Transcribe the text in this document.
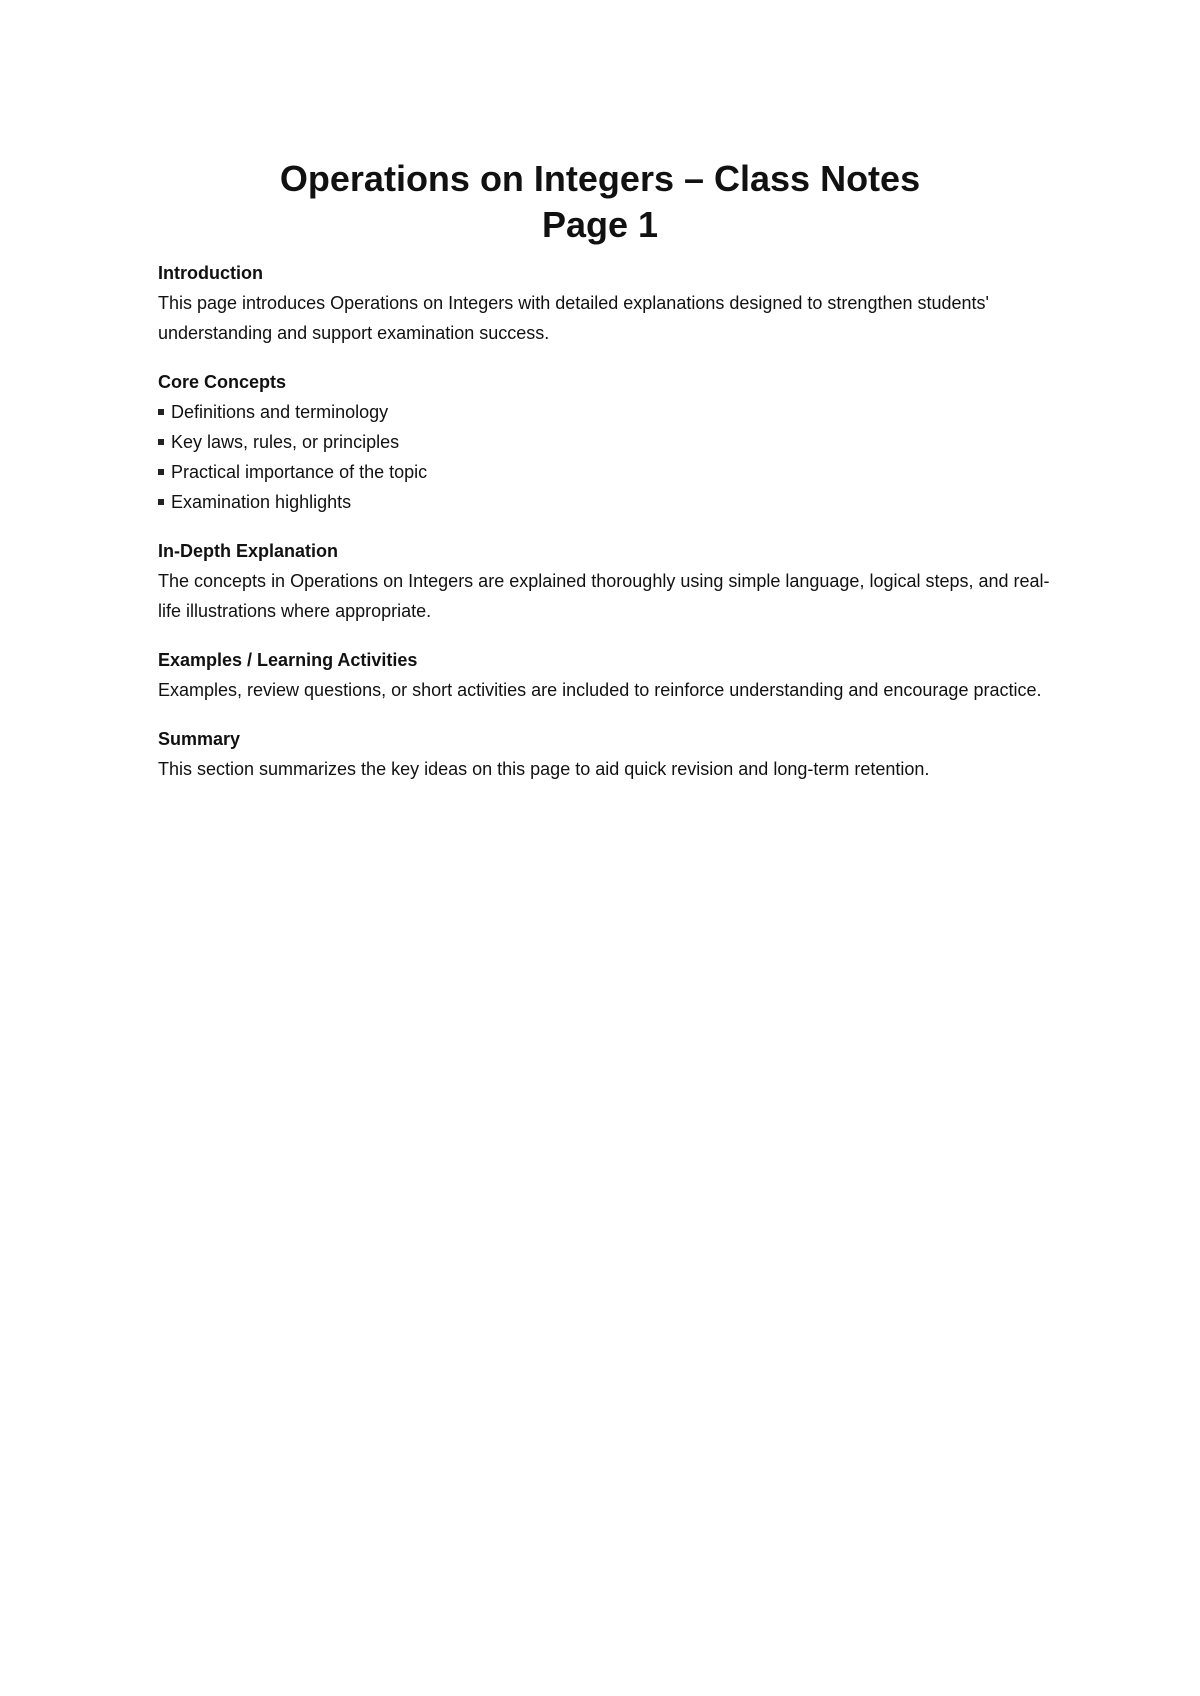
Operations on Integers – Class Notes
Page 1

Introduction

This page introduces Operations on Integers with detailed explanations designed to strengthen students' understanding and support examination success.

Core Concepts

Definitions and terminology
Key laws, rules, or principles
Practical importance of the topic
Examination highlights

In-Depth Explanation

The concepts in Operations on Integers are explained thoroughly using simple language, logical steps, and real-life illustrations where appropriate.

Examples / Learning Activities

Examples, review questions, or short activities are included to reinforce understanding and encourage practice.

Summary

This section summarizes the key ideas on this page to aid quick revision and long-term retention.
